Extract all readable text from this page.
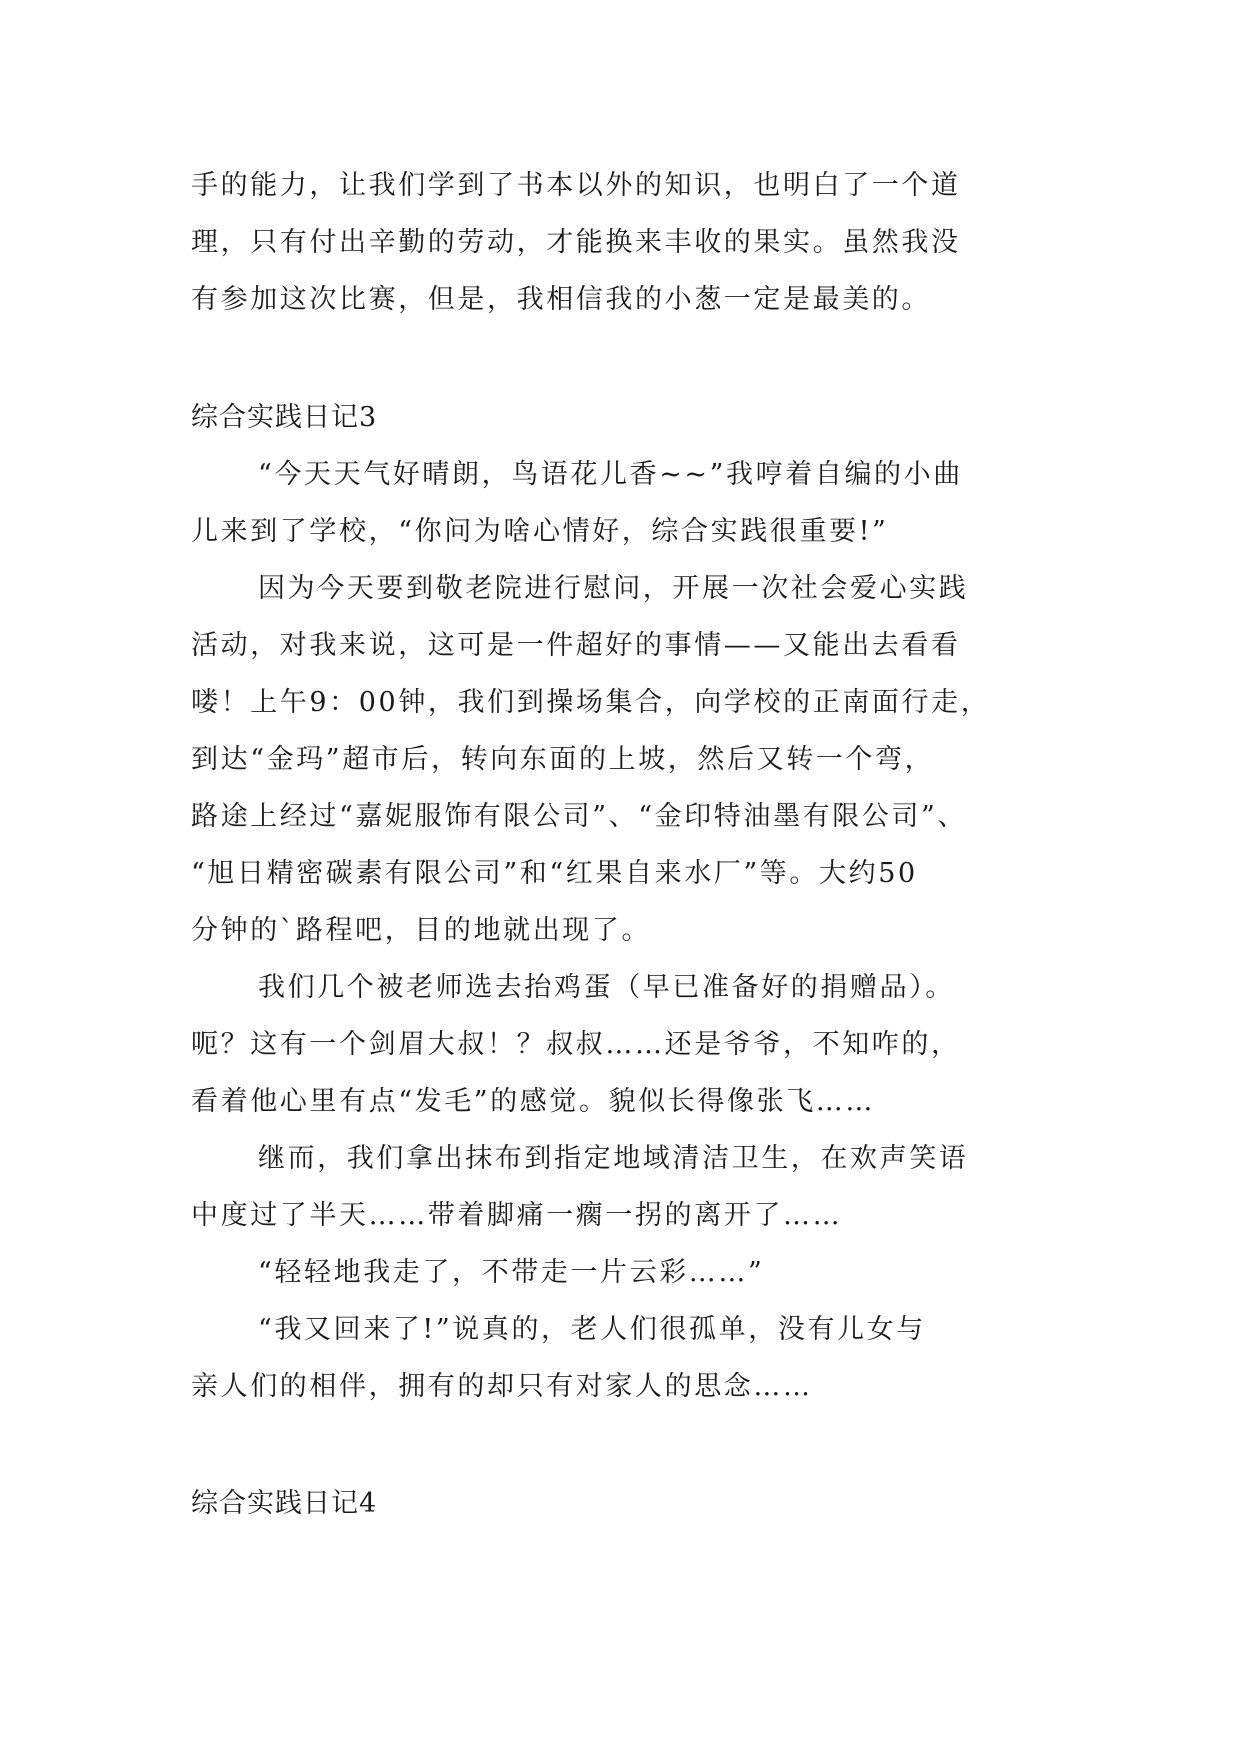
手的能力，让我们学到了书本以外的知识，也明白了一个道
理，只有付出辛勤的劳动，才能换来丰收的果实。虽然我没
有参加这次比赛，但是，我相信我的小葱一定是最美的。
综合实践日记3
“今天天气好晴朗，鸟语花儿香~~”我哼着自编的小曲
儿来到了学校，“你问为啥心情好，综合实践很重要!”
因为今天要到敬老院进行慰问，开展一次社会爱心实践
活动，对我来说，这可是一件超好的事情——又能出去看看
喽！上午9：00钟，我们到操场集合，向学校的正南面行走，
到达“金玛”超市后，转向东面的上坡，然后又转一个弯，
路途上经过“嘉妮服饰有限公司”、“金印特油墨有限公司”、
“旭日精密碳素有限公司”和“红果自来水厂”等。大约50
分钟的`路程吧，目的地就出现了。
我们几个被老师选去抬鸡蛋（早已准备好的捐赠品）。
呃？这有一个剑眉大叔！？叔叔……还是爷爷，不知咋的，
看着他心里有点“发毛”的感觉。貌似长得像张飞……
继而，我们拿出抹布到指定地域清洁卫生，在欢声笑语
中度过了半天……带着脚痛一瘸一拐的离开了……
“轻轻地我走了，不带走一片云彩……”
“我又回来了!”说真的，老人们很孤单，没有儿女与
亲人们的相伴，拥有的却只有对家人的思念……
综合实践日记4
